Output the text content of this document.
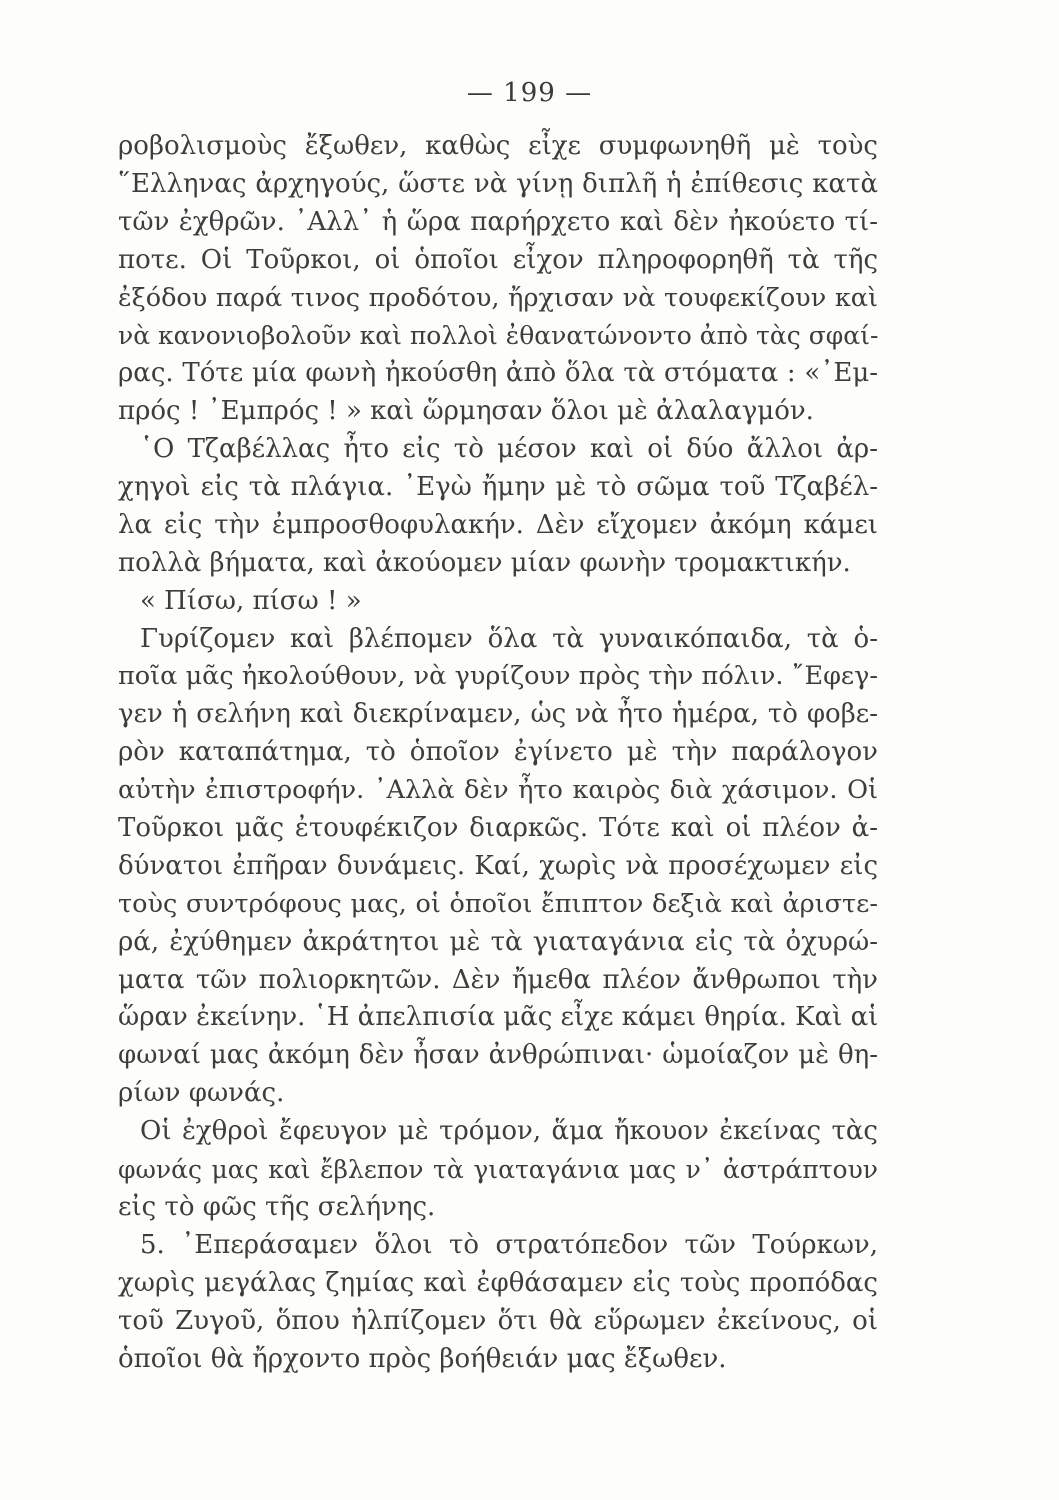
— 199 —
ροβολισμοὺς ἔξωθεν, καθὼς εἶχε συμφωνηθῆ μὲ τοὺς
῞Ελληνας ἀρχηγούς, ὥστε νὰ γίνῃ διπλῆ ἡ ἐπίθεσις κατὰ
τῶν ἐχθρῶν. ᾿Αλλ᾿ ἡ ὥρα παρήρχετο καὶ δὲν ἠκούετο τί-
ποτε. Οἱ Τοῦρκοι, οἱ ὁποῖοι εἶχον πληροφορηθῆ τὰ τῆς
ἐξόδου παρά τινος προδότου, ἤρχισαν νὰ τουφεκίζουν καὶ
νὰ κανονιοβολοῦν καὶ πολλοὶ ἐθανατώνοντο ἀπὸ τὰς σφαί-
ρας. Τότε μία φωνὴ ἠκούσθη ἀπὸ ὅλα τὰ στόματα : «᾿Εμ-
πρός ! ᾿Εμπρός ! » καὶ ὥρμησαν ὅλοι μὲ ἀλαλαγμόν.
῾Ο Τζαβέλλας ἦτο εἰς τὸ μέσον καὶ οἱ δύο ἄλλοι ἀρ-
χηγοὶ εἰς τὰ πλάγια. ᾿Εγὼ ἤμην μὲ τὸ σῶμα τοῦ Τζαβέλ-
λα εἰς τὴν ἐμπροσθοφυλακήν. Δὲν εἴχομεν ἀκόμη κάμει
πολλὰ βήματα, καὶ ἀκούομεν μίαν φωνὴν τρομακτικήν.
« Πίσω, πίσω ! »
Γυρίζομεν καὶ βλέπομεν ὅλα τὰ γυναικόπαιδα, τὰ ὁ-
ποῖα μᾶς ἠκολούθουν, νὰ γυρίζουν πρὸς τὴν πόλιν. ῎Εφεγ-
γεν ἡ σελήνη καὶ διεκρίναμεν, ὡς νὰ ἦτο ἡμέρα, τὸ φοβε-
ρὸν καταπάτημα, τὸ ὁποῖον ἐγίνετο μὲ τὴν παράλογον
αὐτὴν ἐπιστροφήν. ᾿Αλλὰ δὲν ἦτο καιρὸς διὰ χάσιμον. Οἱ
Τοῦρκοι μᾶς ἐτουφέκιζον διαρκῶς. Τότε καὶ οἱ πλέον ἀ-
δύνατοι ἐπῆραν δυνάμεις. Καί, χωρὶς νὰ προσέχωμεν εἰς
τοὺς συντρόφους μας, οἱ ὁποῖοι ἔπιπτον δεξιὰ καὶ ἀριστε-
ρά, ἐχύθημεν ἀκράτητοι μὲ τὰ γιαταγάνια εἰς τὰ ὀχυρώ-
ματα τῶν πολιορκητῶν. Δὲν ἤμεθα πλέον ἄνθρωποι τὴν
ὥραν ἐκείνην. ῾Η ἀπελπισία μᾶς εἶχε κάμει θηρία. Καὶ αἱ
φωναί μας ἀκόμη δὲν ἦσαν ἀνθρώπιναι· ὡμοίαζον μὲ θη-
ρίων φωνάς.
Οἱ ἐχθροὶ ἔφευγον μὲ τρόμον, ἅμα ἤκουον ἐκείνας τὰς
φωνάς μας καὶ ἔβλεπον τὰ γιαταγάνια μας ν᾿ ἀστράπτουν
εἰς τὸ φῶς τῆς σελήνης.
5. ᾿Επεράσαμεν ὅλοι τὸ στρατόπεδον τῶν Τούρκων,
χωρὶς μεγάλας ζημίας καὶ ἐφθάσαμεν εἰς τοὺς προπόδας
τοῦ Ζυγοῦ, ὅπου ἠλπίζομεν ὅτι θὰ εὕρωμεν ἐκείνους, οἱ
ὁποῖοι θὰ ἤρχοντο πρὸς βοήθειάν μας ἔξωθεν.
